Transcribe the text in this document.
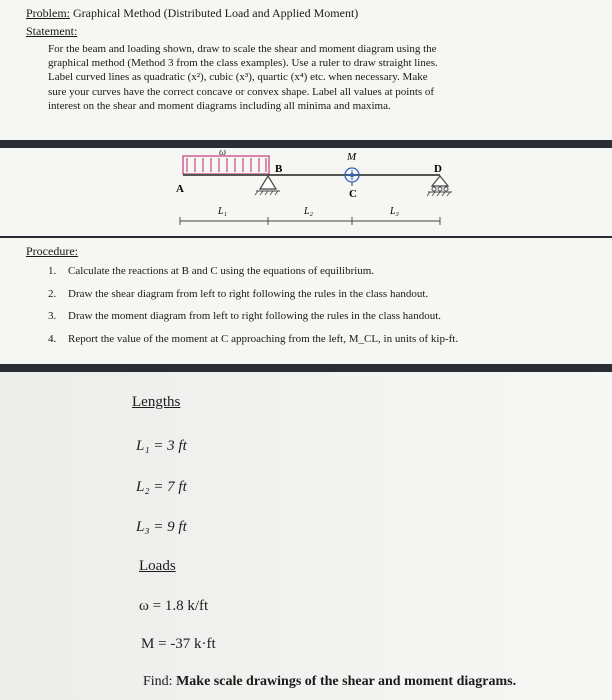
Problem: Graphical Method (Distributed Load and Applied Moment)
Statement:
For the beam and loading shown, draw to scale the shear and moment diagram using the
graphical method (Method 3 from the class examples). Use a ruler to draw straight lines.
Label curved lines as quadratic (x²), cubic (x³), quartic (x⁴) etc. when necessary. Make
sure your curves have the correct concave or convex shape. Label all values at points of
interest on the shear and moment diagrams including all minima and maxima.
ω
A
B
M
C
D
L₁	L₂	L₃
Procedure:
1. Calculate the reactions at B and C using the equations of equilibrium.
2. Draw the shear diagram from left to right following the rules in the class handout.
3. Draw the moment diagram from left to right following the rules in the class handout.
4. Report the value of the moment at C approaching from the left, M_CL, in units of kip-ft.
Lengths
L₁ = 3 ft
L₂ = 7 ft
L₃ = 9 ft
Loads
ω = 1.8 k/ft
M = -37 k·ft
Find: Make scale drawings of the shear and moment diagrams.
